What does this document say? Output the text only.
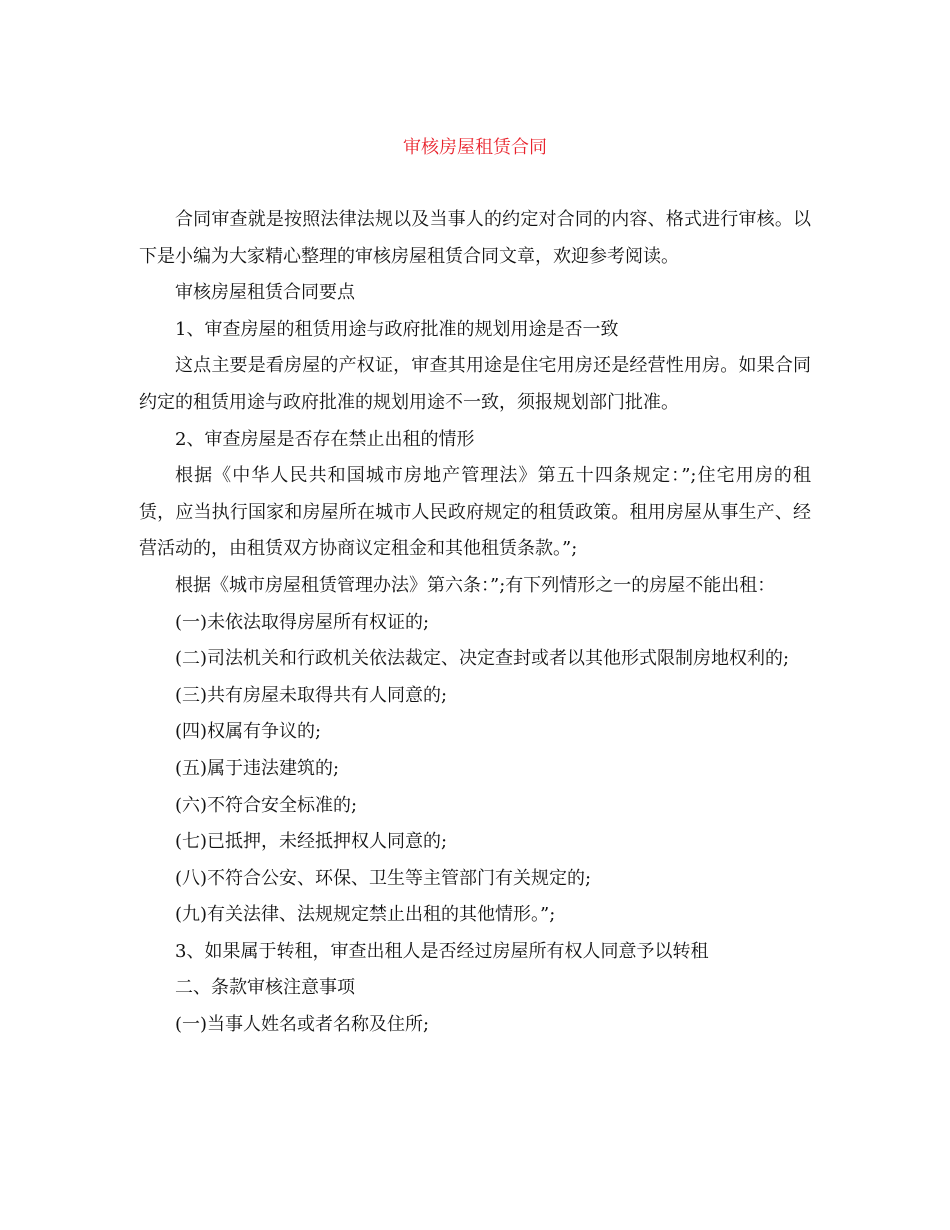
审核房屋租赁合同

合同审查就是按照法律法规以及当事人的约定对合同的内容、格式进行审核。以下是小编为大家精心整理的审核房屋租赁合同文章，欢迎参考阅读。

审核房屋租赁合同要点

1、审查房屋的租赁用途与政府批准的规划用途是否一致

这点主要是看房屋的产权证，审查其用途是住宅用房还是经营性用房。如果合同约定的租赁用途与政府批准的规划用途不一致，须报规划部门批准。

2、审查房屋是否存在禁止出租的情形

根据《中华人民共和国城市房地产管理法》第五十四条规定：”;住宅用房的租赁，应当执行国家和房屋所在城市人民政府规定的租赁政策。租用房屋从事生产、经营活动的，由租赁双方协商议定租金和其他租赁条款。”;

根据《城市房屋租赁管理办法》第六条：”;有下列情形之一的房屋不能出租：

(一)未依法取得房屋所有权证的;

(二)司法机关和行政机关依法裁定、决定查封或者以其他形式限制房地权利的;

(三)共有房屋未取得共有人同意的;

(四)权属有争议的;

(五)属于违法建筑的;

(六)不符合安全标准的;

(七)已抵押，未经抵押权人同意的;

(八)不符合公安、环保、卫生等主管部门有关规定的;

(九)有关法律、法规规定禁止出租的其他情形。”;

3、如果属于转租，审查出租人是否经过房屋所有权人同意予以转租

二、条款审核注意事项

(一)当事人姓名或者名称及住所;
